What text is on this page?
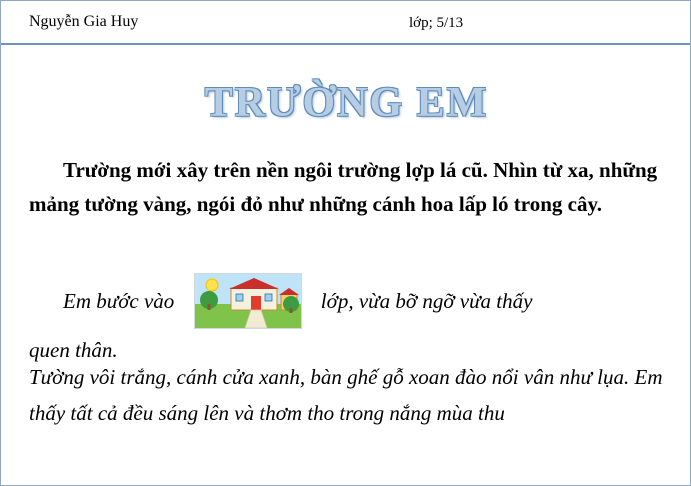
Nguyễn Gia Huy	lớp; 5/13
TRƯỜNG EM
Trường mới xây trên nền ngôi trường lợp lá cũ. Nhìn từ xa, những mảng tường vàng, ngói đỏ như những cánh hoa lấp ló trong cây.
Em bước vào	lớp, vừa bỡ ngỡ vừa thấy
quen thân.
Tường vôi trắng, cánh cửa xanh, bàn ghế gỗ xoan đào nổi vân như lụa. Em thấy tất cả đều sáng lên và thơm tho trong nắng mùa thu
